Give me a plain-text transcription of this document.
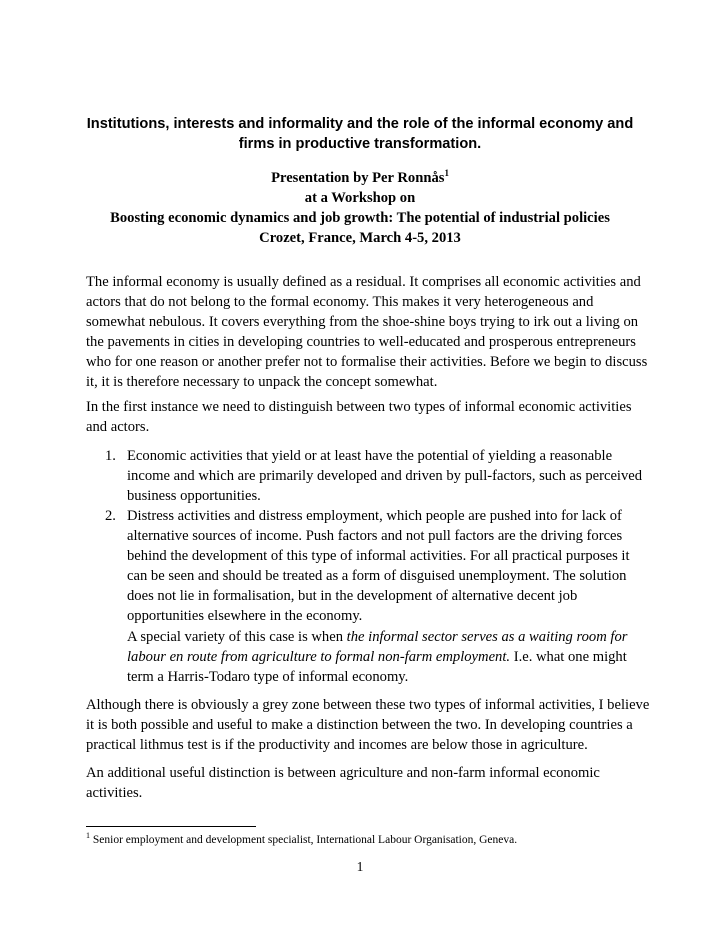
Institutions, interests and informality and the role of the informal economy and
firms in productive transformation.
Presentation by Per Ronnås$^1$
at a Workshop on
Boosting economic dynamics and job growth: The potential of industrial policies
Crozet, France, March 4-5, 2013
The informal economy is usually defined as a residual. It comprises all economic activities and
actors that do not belong to the formal economy. This makes it very heterogeneous and
somewhat nebulous. It covers everything from the shoe-shine boys trying to irk out a living on
the pavements in cities in developing countries to well-educated and prosperous entrepreneurs
who for one reason or another prefer not to formalise their activities. Before we begin to discuss
it, it is therefore necessary to unpack the concept somewhat.
In the first instance we need to distinguish between two types of informal economic activities
and actors.
1. Economic activities that yield or at least have the potential of yielding a reasonable
income and which are primarily developed and driven by pull-factors, such as perceived
business opportunities.
2. Distress activities and distress employment, which people are pushed into for lack of
alternative sources of income. Push factors and not pull factors are the driving forces
behind the development of this type of informal activities. For all practical purposes it
can be seen and should be treated as a form of disguised unemployment. The solution
does not lie in formalisation, but in the development of alternative decent job
opportunities elsewhere in the economy.
A special variety of this case is when the informal sector serves as a waiting room for
labour en route from agriculture to formal non-farm employment. I.e. what one might
term a Harris-Todaro type of informal economy.
Although there is obviously a grey zone between these two types of informal activities, I believe
it is both possible and useful to make a distinction between the two. In developing countries a
practical lithmus test is if the productivity and incomes are below those in agriculture.
An additional useful distinction is between agriculture and non-farm informal economic
activities.
$^1$ Senior employment and development specialist, International Labour Organisation, Geneva.
1
